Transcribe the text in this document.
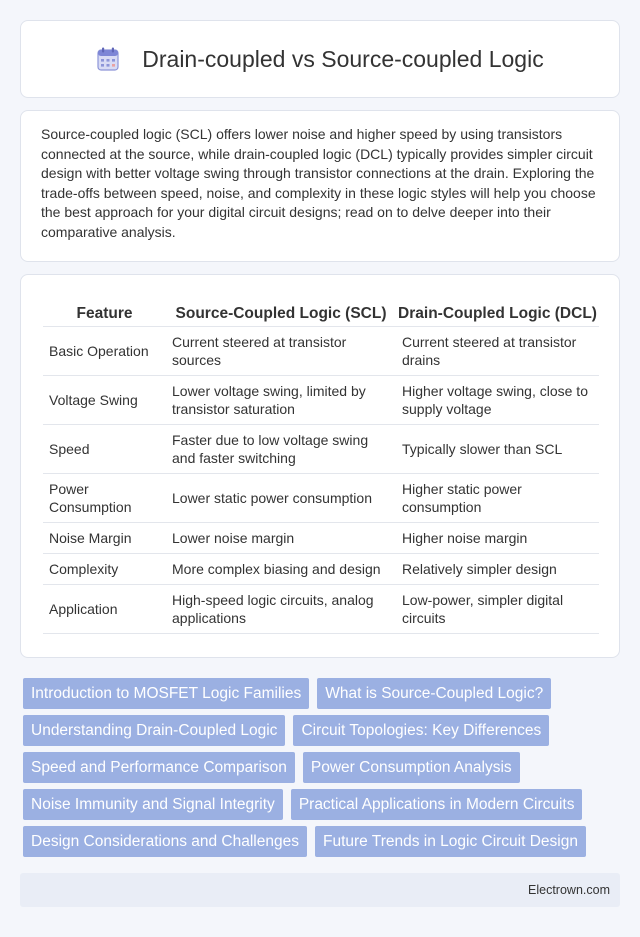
Drain-coupled vs Source-coupled Logic

Source-coupled logic (SCL) offers lower noise and higher speed by using transistors connected at the source, while drain-coupled logic (DCL) typically provides simpler circuit design with better voltage swing through transistor connections at the drain. Exploring the trade-offs between speed, noise, and complexity in these logic styles will help you choose the best approach for your digital circuit designs; read on to delve deeper into their comparative analysis.

Feature	Source-Coupled Logic (SCL)	Drain-Coupled Logic (DCL)
Basic Operation	Current steered at transistor sources	Current steered at transistor drains
Voltage Swing	Lower voltage swing, limited by transistor saturation	Higher voltage swing, close to supply voltage
Speed	Faster due to low voltage swing and faster switching	Typically slower than SCL
Power Consumption	Lower static power consumption	Higher static power consumption
Noise Margin	Lower noise margin	Higher noise margin
Complexity	More complex biasing and design	Relatively simpler design
Application	High-speed logic circuits, analog applications	Low-power, simpler digital circuits
Introduction to MOSFET Logic Families	What is Source-Coupled Logic?
Understanding Drain-Coupled Logic	Circuit Topologies: Key Differences
Speed and Performance Comparison	Power Consumption Analysis
Noise Immunity and Signal Integrity	Practical Applications in Modern Circuits
Design Considerations and Challenges	Future Trends in Logic Circuit Design
Electrown.com
